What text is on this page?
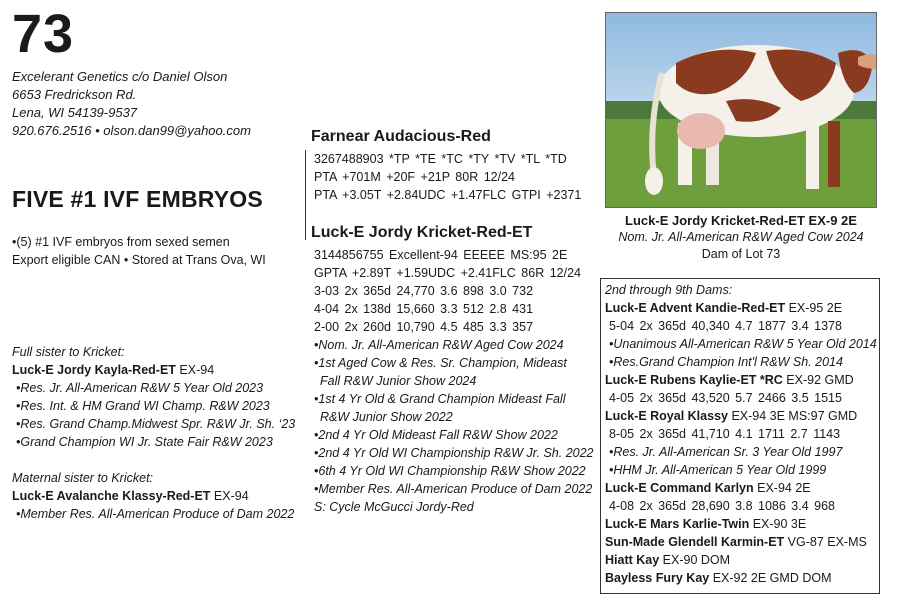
73
Excelerant Genetics c/o Daniel Olson
6653 Fredrickson Rd.
Lena, WI 54139-9537
920.676.2516 • olson.dan99@yahoo.com
FIVE #1 IVF EMBRYOS
•(5) #1 IVF embryos from sexed semen
Export eligible CAN • Stored at Trans Ova, WI
Full sister to Kricket:
Luck-E Jordy Kayla-Red-ET EX-94
•Res. Jr. All-American R&W 5 Year Old 2023
•Res. Int. & HM Grand WI Champ. R&W 2023
•Res. Grand Champ.Midwest Spr. R&W Jr. Sh. ‘23
•Grand Champion WI Jr. State Fair R&W 2023
Maternal sister to Kricket:
Luck-E Avalanche Klassy-Red-ET EX-94
•Member Res. All-American Produce of Dam 2022
Farnear Audacious-Red
3267488903 *TP *TE *TC *TY *TV *TL *TD
PTA +701M +20F +21P 80R 12/24
PTA +3.05T +2.84UDC +1.47FLC GTPI +2371
Luck-E Jordy Kricket-Red-ET
3144856755 Excellent-94 EEEEE MS:95 2E
GPTA +2.89T +1.59UDC +2.41FLC 86R 12/24
3-03 2x 365d 24,770 3.6 898 3.0 732
4-04 2x 138d 15,660 3.3 512 2.8 431
2-00 2x 260d 10,790 4.5 485 3.3 357
•Nom. Jr. All-American R&W Aged Cow 2024
•1st Aged Cow & Res. Sr. Champion, Mideast
Fall R&W Junior Show 2024
•1st 4 Yr Old & Grand Champion Mideast Fall
R&W Junior Show 2022
•2nd 4 Yr Old Mideast Fall R&W Show 2022
•2nd 4 Yr Old WI Championship R&W Jr. Sh. 2022
•6th 4 Yr Old WI Championship R&W Show 2022
•Member Res. All-American Produce of Dam 2022
S: Cycle McGucci Jordy-Red
Luck-E Jordy Kricket-Red-ET EX-9 2E
Nom. Jr. All-American R&W Aged Cow 2024
Dam of Lot 73
2nd through 9th Dams:
Luck-E Advent Kandie-Red-ET EX-95 2E
5-04 2x 365d 40,340 4.7 1877 3.4 1378
•Unanimous All-American R&W 5 Year Old 2014
•Res.Grand Champion Int'l R&W Sh. 2014
Luck-E Rubens Kaylie-ET *RC EX-92 GMD
4-05 2x 365d 43,520 5.7 2466 3.5 1515
Luck-E Royal Klassy EX-94 3E MS:97 GMD
8-05 2x 365d 41,710 4.1 1711 2.7 1143
•Res. Jr. All-American Sr. 3 Year Old 1997
•HHM Jr. All-American 5 Year Old 1999
Luck-E Command Karlyn EX-94 2E
4-08 2x 365d 28,690 3.8 1086 3.4 968
Luck-E Mars Karlie-Twin EX-90 3E
Sun-Made Glendell Karmin-ET VG-87 EX-MS
Hiatt Kay EX-90 DOM
Bayless Fury Kay EX-92 2E GMD DOM
